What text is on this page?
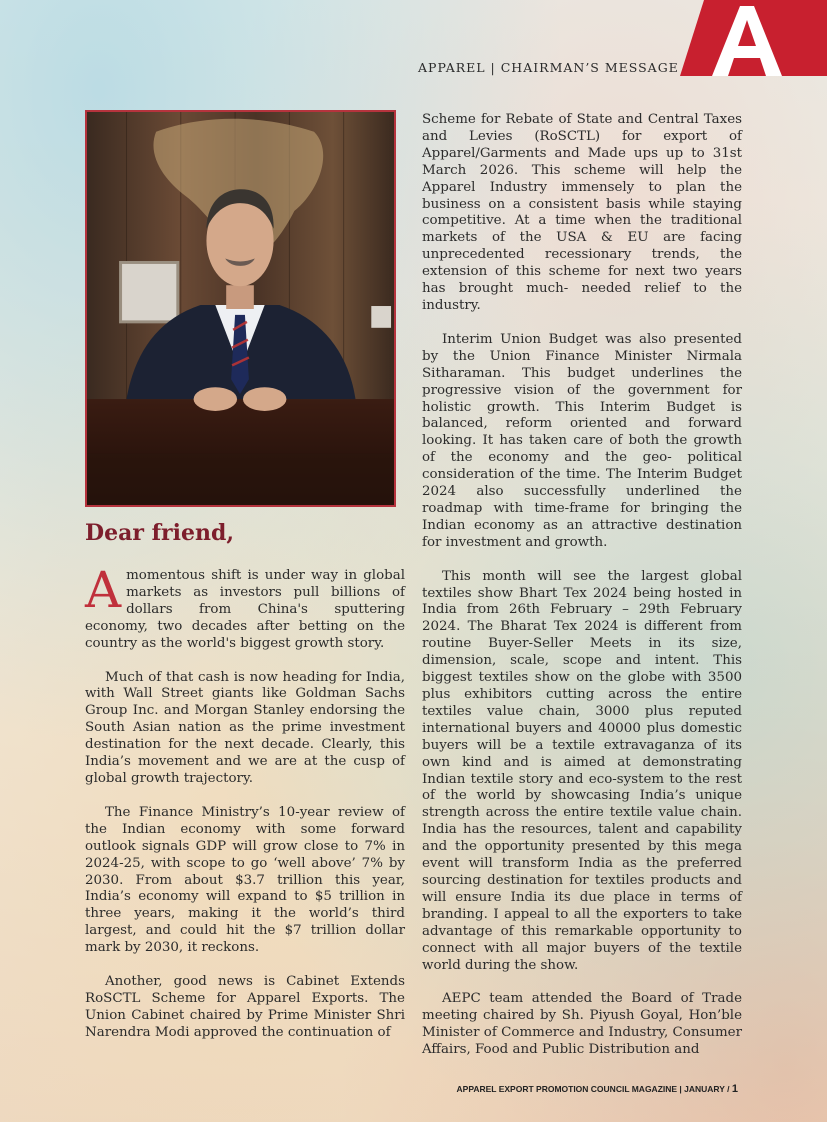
APPAREL | CHAIRMAN’S MESSAGE
Dear friend,

A momentous shift is under way in global markets as investors pull billions of dollars from China's sputtering economy, two decades after betting on the country as the world's biggest growth story.

Much of that cash is now heading for India, with Wall Street giants like Goldman Sachs Group Inc. and Morgan Stanley endorsing the South Asian nation as the prime investment destination for the next decade. Clearly, this India’s movement and we are at the cusp of global growth trajectory.

The Finance Ministry’s 10-year review of the Indian economy with some forward outlook signals GDP will grow close to 7% in 2024-25, with scope to go ‘well above’ 7% by 2030. From about $3.7 trillion this year, India’s economy will expand to $5 trillion in three years, making it the world’s third largest, and could hit the $7 trillion dollar mark by 2030, it reckons.

Another, good news is Cabinet Extends RoSCTL Scheme for Apparel Exports. The Union Cabinet chaired by Prime Minister Shri Narendra Modi approved the continuation of

Scheme for Rebate of State and Central Taxes and Levies (RoSCTL) for export of Apparel/Garments and Made ups up to 31st March 2026. This scheme will help the Apparel Industry immensely to plan the business on a consistent basis while staying competitive. At a time when the traditional markets of the USA & EU are facing unprecedented recessionary trends, the extension of this scheme for next two years has brought much- needed relief to the industry.

Interim Union Budget was also presented by the Union Finance Minister Nirmala Sitharaman. This budget underlines the progressive vision of the government for holistic growth. This Interim Budget is balanced, reform oriented and forward looking. It has taken care of both the growth of the economy and the geo- political consideration of the time. The Interim Budget 2024 also successfully underlined the roadmap with time-frame for bringing the Indian economy as an attractive destination for investment and growth.

This month will see the largest global textiles show Bhart Tex 2024 being hosted in India from 26th February – 29th February 2024. The Bharat Tex 2024 is different from routine Buyer-Seller Meets in its size, dimension, scale, scope and intent. This biggest textiles show on the globe with 3500 plus exhibitors cutting across the entire textiles value chain, 3000 plus reputed international buyers and 40000 plus domestic buyers will be a textile extravaganza of its own kind and is aimed at demonstrating Indian textile story and eco-system to the rest of the world by showcasing India’s unique strength across the entire textile value chain. India has the resources, talent and capability and the opportunity presented by this mega event will transform India as the preferred sourcing destination for textiles products and will ensure India its due place in terms of branding. I appeal to all the exporters to take advantage of this remarkable opportunity to connect with all major buyers of the textile world during the show.

AEPC team attended the Board of Trade meeting chaired by Sh. Piyush Goyal, Hon’ble Minister of Commerce and Industry, Consumer Affairs, Food and Public Distribution and

APPAREL EXPORT PROMOTION COUNCIL MAGAZINE | JANUARY / 1
